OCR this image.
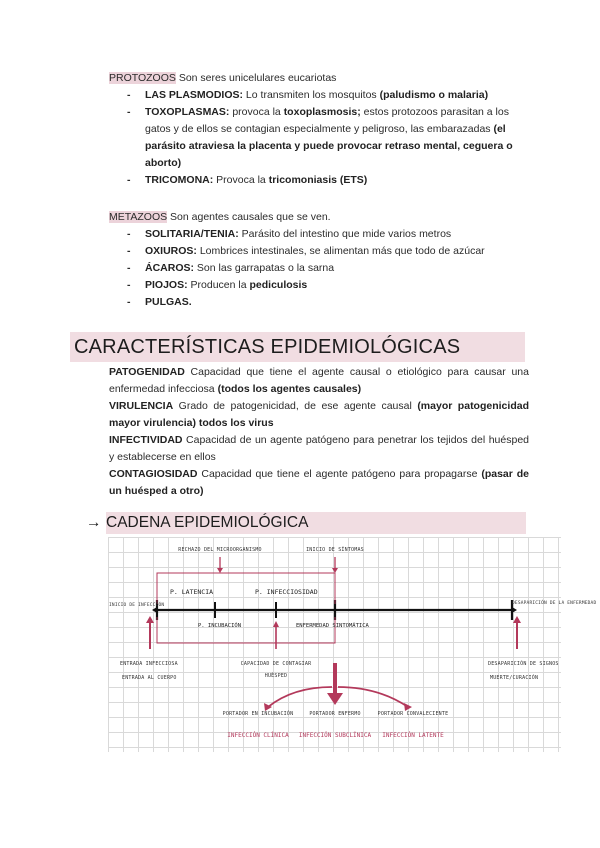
PROTOZOOS Son seres unicelulares eucariotas

- LAS PLASMODIOS: Lo transmiten los mosquitos (paludismo o malaria)
- TOXOPLASMAS: provoca la toxoplasmosis; estos protozoos parasitan a los gatos y de ellos se contagian especialmente y peligroso, las embarazadas (el parásito atraviesa la placenta y puede provocar retraso mental, ceguera o aborto)
- TRICOMONA: Provoca la tricomoniasis (ETS)

METAZOOS Son agentes causales que se ven.

- SOLITARIA/TENIA: Parásito del intestino que mide varios metros
- OXIUROS: Lombrices intestinales, se alimentan más que todo de azúcar
- ÁCAROS: Son las garrapatas o la sarna
- PIOJOS: Producen la pediculosis
- PULGAS.
CARACTERÍSTICAS EPIDEMIOLÓGICAS

PATOGENIDAD Capacidad que tiene el agente causal o etiológico para causar una enfermedad infecciosa (todos los agentes causales)

VIRULENCIA Grado de patogenicidad, de ese agente causal (mayor patogenicidad mayor virulencia) todos los virus

INFECTIVIDAD Capacidad de un agente patógeno para penetrar los tejidos del huésped y establecerse en ellos

CONTAGIOSIDAD Capacidad que tiene el agente patógeno para propagarse (pasar de un huésped a otro)

→ CADENA EPIDEMIOLÓGICA
RECHAZO DEL MICROORGANISMO	INICIO DE SÍNTOMAS
INICIO DE INFECCIÓN	DESAPARICIÓN DE LA ENFERMEDAD
P. LATENCIA	P. INFECCIOSIDAD
P. INCUBACIÓN	ENFERMEDAD SINTOMÁTICA
ENTRADA INFECCIOSA
ENTRADA AL CUERPO
CAPACIDAD DE CONTAGIAR
HUÉSPED
DESAPARICIÓN DE SIGNOS
MUERTE/CURACIÓN
PORTADOR EN INCUBACIÓN	PORTADOR ENFERMO	PORTADOR CONVALECIENTE
INFECCIÓN CLÍNICA INFECCIÓN SUBCLÍNICA INFECCIÓN LATENTE
